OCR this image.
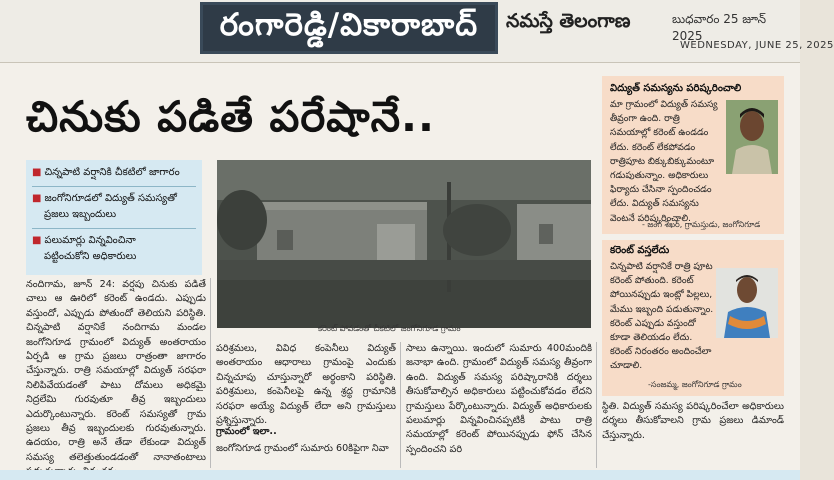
రంగారెడ్డి/వికారాబాద్	నమస్తే తెలంగాణ	బుధవారం 25 జూన్ 2025
WEDNESDAY, JUNE 25, 2025
చినుకు పడితే పరేషానే..
■ చిన్నపాటి వర్షానికి చీకటిలో జాగారం
■ జంగోనిగూడలో విద్యుత్ సమస్యతో
ప్రజలు ఇబ్బందులు
■ పలుమార్లు విన్నవించినా
పట్టించుకోని అధికారులు
కరెంట్ పోవడంతో చీకటిలో జంగోనిగూడ గ్రామం
నందిగామ, జూన్ 24: వర్షపు చినుకు పడితే చాలు ఆ ఊరిలో కరెంట్ ఉండదు. ఎప్పుడు వస్తుందో, ఎప్పుడు పోతుందో తెలియని పరిస్థితి. చిన్నపాటి వర్షానికే నందిగామ మండల జంగోనిగూడ గ్రామంలో విద్యుత్ అంతరాయం ఏర్పడి ఆ గ్రామ ప్రజలు రాత్రంతా జాగారం చేస్తున్నారు. రాత్రి సమయాల్లో విద్యుత్ సరఫరా నిలిపివేయడంతో పాటు దోమలు అధికమై నిద్రలేమి గురవుతూ తీవ్ర ఇబ్బందులు ఎదుర్కొంటున్నారు. కరెంట్ సమస్యతో గ్రామ ప్రజలు తీవ్ర ఇబ్బందులకు గురవుతున్నారు. ఉదయం, రాత్రి అనే తేడా లేకుండా విద్యుత్ సమస్య తలెత్తుతుండడంతో నానాతంటాలు
పరిశ్రమలు, వివిధ కంపెనీలు విద్యుత్ అంతరాయం ఆధారాలు గ్రామంపై ఎందుకు చిన్నచూపు చూస్తున్నారో అర్థంకాని పరిస్థితి. పరిశ్రమలు, కంపెనీలపై ఉన్న శ్రద్ధ గ్రామానికి సరఫరా అయ్యే విద్యుత్ లేదా అని గ్రామస్తులు ప్రశ్నిస్తున్నారు.
గ్రామంలో ఇలా..
జంగోనిగూడ గ్రామంలో సుమారు 60కిపైగా నివా
సాలు ఉన్నాయి. ఇందులో సుమారు 400మందికి జనాభా ఉంది. గ్రామంలో విద్యుత్ సమస్య తీవ్రంగా ఉంది. విద్యుత్ సమస్య పరిష్కారానికి దర్శలు తీసుకోవాల్సిన అధికారులు పట్టించుకోవడం లేదని గ్రామస్తులు పేర్కొంటున్నారు. విద్యుత్ అధికారులకు పలుమార్లు విన్నవించినప్పటికీ పాటు రాత్రి సమయాల్లో కరెంట్ పోయినప్పుడు ఫోన్ చేసిన స్పందించని పరి
స్థితి. విద్యుత్ సమస్య పరిష్కరించేలా అధికారులు దర్శలు తీసుకోవాలని గ్రామ ప్రజలు డిమాండ్ చేస్తున్నారు.
విద్యుత్ సమస్యను పరిష్కరించాలి
మా గ్రామంలో విద్యుత్ సమస్య తీవ్రంగా ఉంది. రాత్రి సమయాల్లో కరెంట్ ఉండడం లేదు. కరెంట్ లేకపోవడం రాత్రిపూట బిక్కుబిక్కుమంటూ గడుపుతున్నాం. అధికారులు ఫిర్యాదు చేసినా స్పందించడం లేదు. విద్యుత్ సమస్యను వెంటనే పరిష్కరించాలి.
- జంగ శేఖర్, గ్రామస్తుడు, జంగోనిగూడ
కరెంట్ వస్తలేదు
చిన్నపాటి వర్షానికే రాత్రి పూట కరెంట్ పోతుంది. కరెంట్ పోయినప్పుడు ఇంట్లో పిల్లలు, మేము ఇబ్బంది పడుతున్నాం. కరెంట్ ఎప్పుడు వస్తుందో కూడా తెలియడం లేదు. కరెంట్ నిరంతరం అందించేలా చూడాలి.
-సంజమ్మ, జంగోనిగూడ గ్రామం
